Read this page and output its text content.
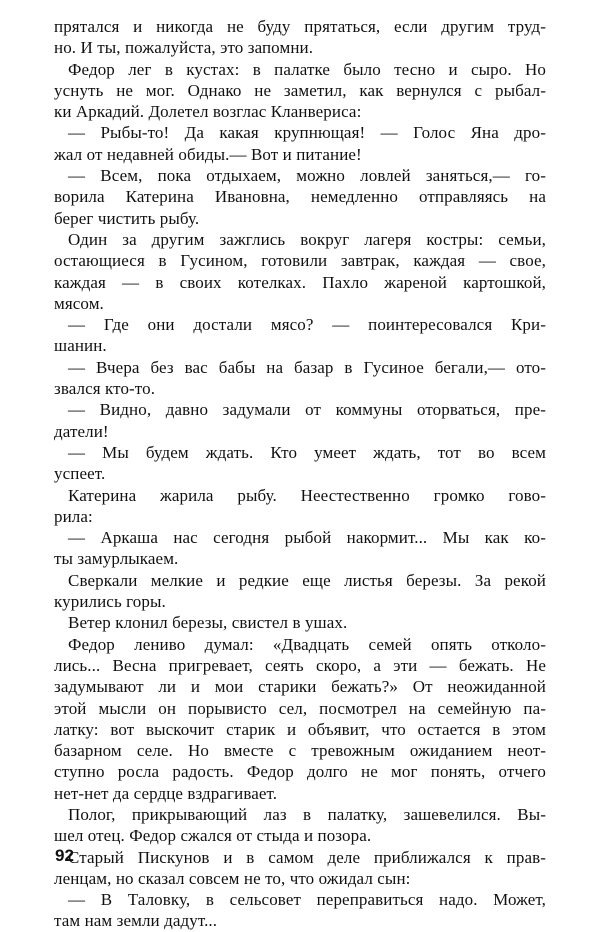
прятался и никогда не буду прятаться, если другим труд-
но. И ты, пожалуйста, это запомни.
Федор лег в кустах: в палатке было тесно и сыро. Но
уснуть не мог. Однако не заметил, как вернулся с рыбал-
ки Аркадий. Долетел возглас Кланвериса:
— Рыбы-то! Да какая крупнющая! — Голос Яна дро-
жал от недавней обиды.— Вот и питание!
— Всем, пока отдыхаем, можно ловлей заняться,— го-
ворила Катерина Ивановна, немедленно отправляясь на
берег чистить рыбу.
Один за другим зажглись вокруг лагеря костры: семьи,
остающиеся в Гусином, готовили завтрак, каждая — свое,
каждая — в своих котелках. Пахло жареной картошкой,
мясом.
— Где они достали мясо? — поинтересовался Кри-
шанин.
— Вчера без вас бабы на базар в Гусиное бегали,— ото-
звался кто-то.
— Видно, давно задумали от коммуны оторваться, пре-
датели!
— Мы будем ждать. Кто умеет ждать, тот во всем
успеет.
Катерина жарила рыбу. Неестественно громко гово-
рила:
— Аркаша нас сегодня рыбой накормит... Мы как ко-
ты замурлыкаем.
Сверкали мелкие и редкие еще листья березы. За рекой
курились горы.
Ветер клонил березы, свистел в ушах.
Федор лениво думал: «Двадцать семей опять отколо-
лись... Весна пригревает, сеять скоро, а эти — бежать. Не
задумывают ли и мои старики бежать?» От неожиданной
этой мысли он порывисто сел, посмотрел на семейную па-
латку: вот выскочит старик и объявит, что остается в этом
базарном селе. Но вместе с тревожным ожиданием неот-
ступно росла радость. Федор долго не мог понять, отчего
нет-нет да сердце вздрагивает.
Полог, прикрывающий лаз в палатку, зашевелился. Вы-
шел отец. Федор сжался от стыда и позора.
Старый Пискунов и в самом деле приближался к прав-
ленцам, но сказал совсем не то, что ожидал сын:
— В Таловку, в сельсовет переправиться надо. Может,
там нам земли дадут...
92
